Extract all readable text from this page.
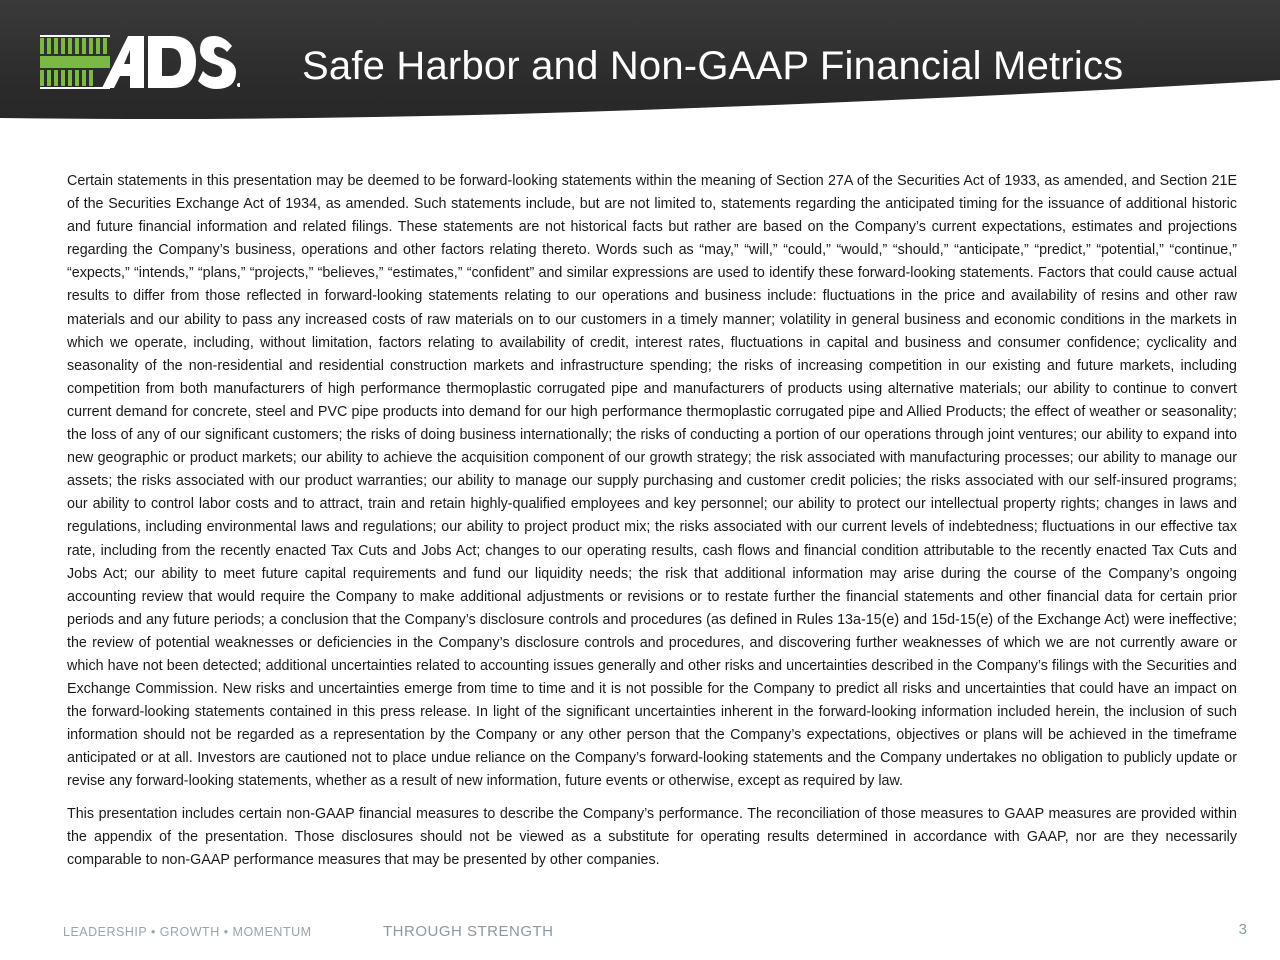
Safe Harbor and Non-GAAP Financial Metrics

Certain statements in this presentation may be deemed to be forward-looking statements within the meaning of Section 27A of the Securities Act of 1933, as amended, and Section 21E of the Securities Exchange Act of 1934, as amended. Such statements include, but are not limited to, statements regarding the anticipated timing for the issuance of additional historic and future financial information and related filings. These statements are not historical facts but rather are based on the Company’s current expectations, estimates and projections regarding the Company’s business, operations and other factors relating thereto. Words such as “may,” “will,” “could,” “would,” “should,” “anticipate,” “predict,” “potential,” “continue,” “expects,” “intends,” “plans,” “projects,” “believes,” “estimates,” “confident” and similar expressions are used to identify these forward-looking statements. Factors that could cause actual results to differ from those reflected in forward-looking statements relating to our operations and business include: fluctuations in the price and availability of resins and other raw materials and our ability to pass any increased costs of raw materials on to our customers in a timely manner; volatility in general business and economic conditions in the markets in which we operate, including, without limitation, factors relating to availability of credit, interest rates, fluctuations in capital and business and consumer confidence; cyclicality and seasonality of the non-residential and residential construction markets and infrastructure spending; the risks of increasing competition in our existing and future markets, including competition from both manufacturers of high performance thermoplastic corrugated pipe and manufacturers of products using alternative materials; our ability to continue to convert current demand for concrete, steel and PVC pipe products into demand for our high performance thermoplastic corrugated pipe and Allied Products; the effect of weather or seasonality; the loss of any of our significant customers; the risks of doing business internationally; the risks of conducting a portion of our operations through joint ventures; our ability to expand into new geographic or product markets; our ability to achieve the acquisition component of our growth strategy; the risk associated with manufacturing processes; our ability to manage our assets; the risks associated with our product warranties; our ability to manage our supply purchasing and customer credit policies; the risks associated with our self-insured programs; our ability to control labor costs and to attract, train and retain highly-qualified employees and key personnel; our ability to protect our intellectual property rights; changes in laws and regulations, including environmental laws and regulations; our ability to project product mix; the risks associated with our current levels of indebtedness; fluctuations in our effective tax rate, including from the recently enacted Tax Cuts and Jobs Act; changes to our operating results, cash flows and financial condition attributable to the recently enacted Tax Cuts and Jobs Act; our ability to meet future capital requirements and fund our liquidity needs; the risk that additional information may arise during the course of the Company’s ongoing accounting review that would require the Company to make additional adjustments or revisions or to restate further the financial statements and other financial data for certain prior periods and any future periods; a conclusion that the Company’s disclosure controls and procedures (as defined in Rules 13a-15(e) and 15d-15(e) of the Exchange Act) were ineffective; the review of potential weaknesses or deficiencies in the Company’s disclosure controls and procedures, and discovering further weaknesses of which we are not currently aware or which have not been detected; additional uncertainties related to accounting issues generally and other risks and uncertainties described in the Company’s filings with the Securities and Exchange Commission. New risks and uncertainties emerge from time to time and it is not possible for the Company to predict all risks and uncertainties that could have an impact on the forward-looking statements contained in this press release. In light of the significant uncertainties inherent in the forward-looking information included herein, the inclusion of such information should not be regarded as a representation by the Company or any other person that the Company’s expectations, objectives or plans will be achieved in the timeframe anticipated or at all. Investors are cautioned not to place undue reliance on the Company’s forward-looking statements and the Company undertakes no obligation to publicly update or revise any forward-looking statements, whether as a result of new information, future events or otherwise, except as required by law.

This presentation includes certain non-GAAP financial measures to describe the Company’s performance. The reconciliation of those measures to GAAP measures are provided within the appendix of the presentation. Those disclosures should not be viewed as a substitute for operating results determined in accordance with GAAP, nor are they necessarily comparable to non-GAAP performance measures that may be presented by other companies.

LEADERSHIP • GROWTH • MOMENTUM	THROUGH STRENGTH	3
